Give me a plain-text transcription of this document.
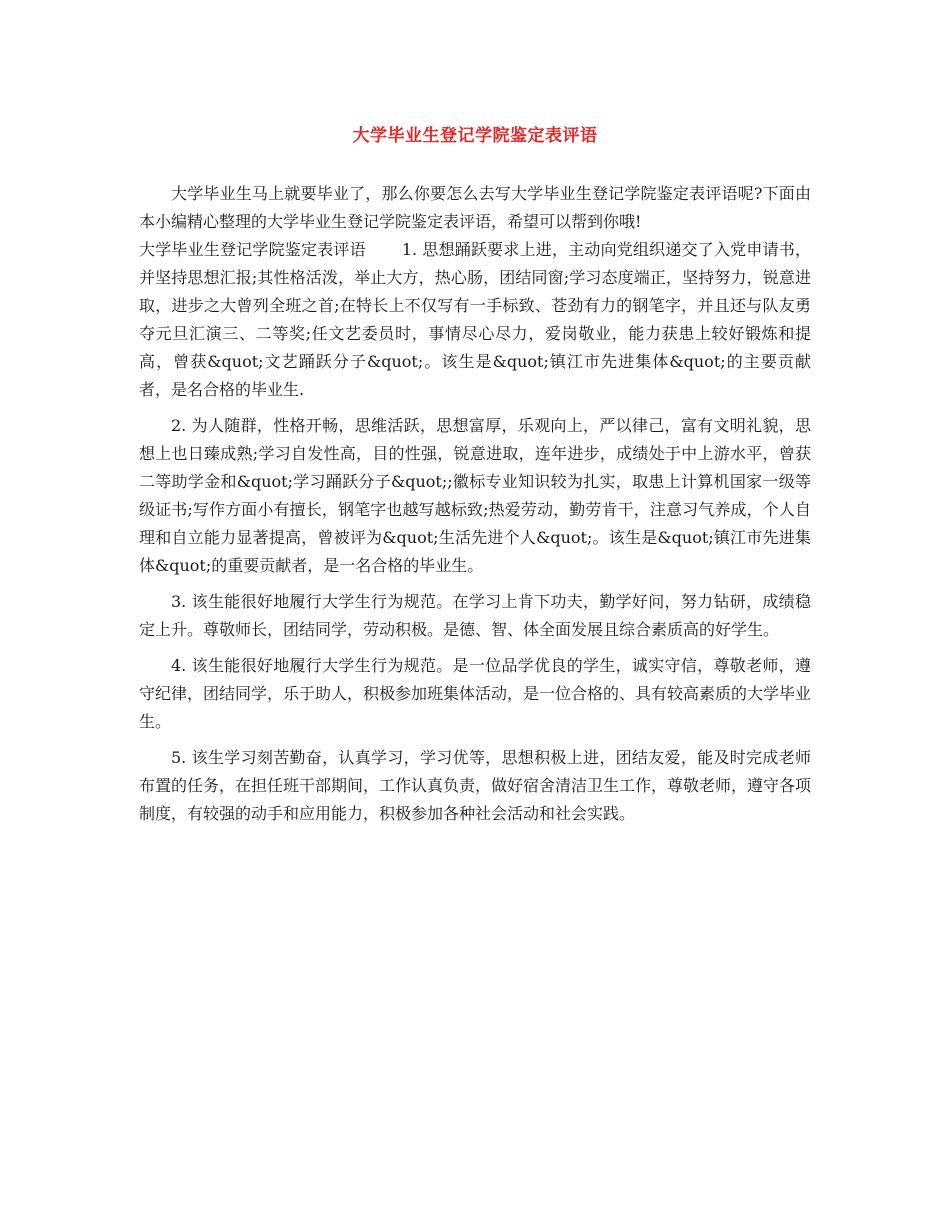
大学毕业生登记学院鉴定表评语

大学毕业生马上就要毕业了，那么你要怎么去写大学毕业生登记学院鉴定表评语呢?下面由本小编精心整理的大学毕业生登记学院鉴定表评语，希望可以帮到你哦!

大学毕业生登记学院鉴定表评语 1. 思想踊跃要求上进，主动向党组织递交了入党申请书，并坚持思想汇报;其性格活泼，举止大方，热心肠，团结同窗;学习态度端正，坚持努力，锐意进取，进步之大曾列全班之首;在特长上不仅写有一手标致、苍劲有力的钢笔字，并且还与队友勇夺元旦汇演三、二等奖;任文艺委员时，事情尽心尽力，爱岗敬业，能力获患上较好锻炼和提高，曾获&quot;文艺踊跃分子&quot;。该生是&quot;镇江市先进集体&quot;的主要贡献者，是名合格的毕业生.

2. 为人随群，性格开畅，思维活跃，思想富厚，乐观向上，严以律己，富有文明礼貌，思想上也日臻成熟;学习自发性高，目的性强，锐意进取，连年进步，成绩处于中上游水平，曾获二等助学金和&quot;学习踊跃分子&quot;;徽标专业知识较为扎实，取患上计算机国家一级等级证书;写作方面小有擅长，钢笔字也越写越标致;热爱劳动，勤劳肯干，注意习气养成，个人自理和自立能力显著提高，曾被评为&quot;生活先进个人&quot;。该生是&quot;镇江市先进集体&quot;的重要贡献者，是一名合格的毕业生。

3. 该生能很好地履行大学生行为规范。在学习上肯下功夫，勤学好问，努力钻研，成绩稳定上升。尊敬师长，团结同学，劳动积极。是德、智、体全面发展且综合素质高的好学生。

4. 该生能很好地履行大学生行为规范。是一位品学优良的学生，诚实守信，尊敬老师，遵守纪律，团结同学，乐于助人，积极参加班集体活动，是一位合格的、具有较高素质的大学毕业生。

5. 该生学习刻苦勤奋，认真学习，学习优等，思想积极上进，团结友爱，能及时完成老师布置的任务，在担任班干部期间，工作认真负责，做好宿舍清洁卫生工作，尊敬老师，遵守各项制度，有较强的动手和应用能力，积极参加各种社会活动和社会实践。
